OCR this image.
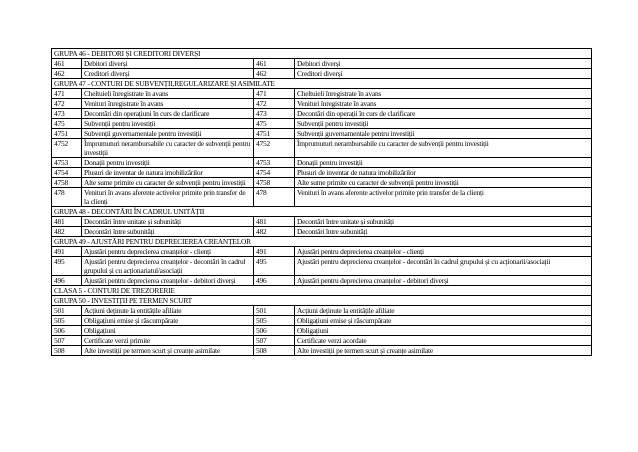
GRUPA 46 - DEBITORI ȘI CREDITORI DIVERȘI			
461	Debitori diverși	461	Debitori diverși
462	Creditori diverși	462	Creditori diverși
GRUPA 47 - CONTURI DE SUBVENȚII,REGULARIZARE ȘI ASIMILATE			
471	Cheltuieli înregistrate în avans	471	Cheltuieli înregistrate în avans
472	Venituri înregistrate în avans	472	Venituri înregistrate în avans
473	Decontări din operațiuni în curs de clarificare	473	Decontări din operații în curs de clarificare
475	Subvenții pentru investiții	475	Subvenții pentru investiții
4751	Subvenții guvernamentale pentru investiții	4751	Subvenții guvernamentale pentru investiții
4752	Împrumuturi nerambursabile cu caracter de subvenții pentru investiții	4752	Împrumuturi nerambursabile cu caracter de subvenții pentru investiții
4753	Donații pentru investiții	4753	Donații pentru investiții
4754	Plusuri de inventar de natura imobilizărilor	4754	Plusuri de inventar de natura imobilizărilor
4758	Alte sume primite cu caracter de subvenții pentru investiții	4758	Alte sume primite cu caracter de subvenții pentru investiții
478	Venituri în avans aferente activelor primite prin transfer de la clienți	478	Venituri în avans aferente activelor primite prin transfer de la clienți
GRUPA 48 - DECONTĂRI ÎN CADRUL UNITĂȚII			
481	Decontări între unitate și subunități	481	Decontări între unitate și subunități
482	Decontări între subunități	482	Decontări între subunități
GRUPA 49 - AJUSTĂRI PENTRU DEPRECIEREA CREANȚELOR			
491	Ajustări pentru deprecierea creanțelor - clienți	491	Ajustări pentru deprecierea creanțelor - clienți
495	Ajustări pentru deprecierea creanțelor - decontări în cadrul grupului și cu acționariatul/asociații	495	Ajustări pentru deprecierea creanțelor - decontări în cadrul grupului și cu acționarii/asociații
496	Ajustări pentru deprecierea creanțelor - debitori diverși	496	Ajustări pentru deprecierea creanțelor - debitori diverși
CLASA 5 - CONTURI DE TREZORERIE			
GRUPA 50 - INVESTIȚII PE TERMEN SCURT			
501	Acțiuni deținute la entitățile afiliate	501	Acțiuni deținute la entitățile afiliate
505	Obligațiuni emise și răscumpărate	505	Obligațiuni emise și răscumpărate
506	Obligațiuni	506	Obligațiuni
507	Certificate verzi primite	507	Certificate verzi acordate
508	Alte investiții pe termen scurt și creanțe asimilate	508	Alte investiții pe termen scurt și creanțe asimilate
